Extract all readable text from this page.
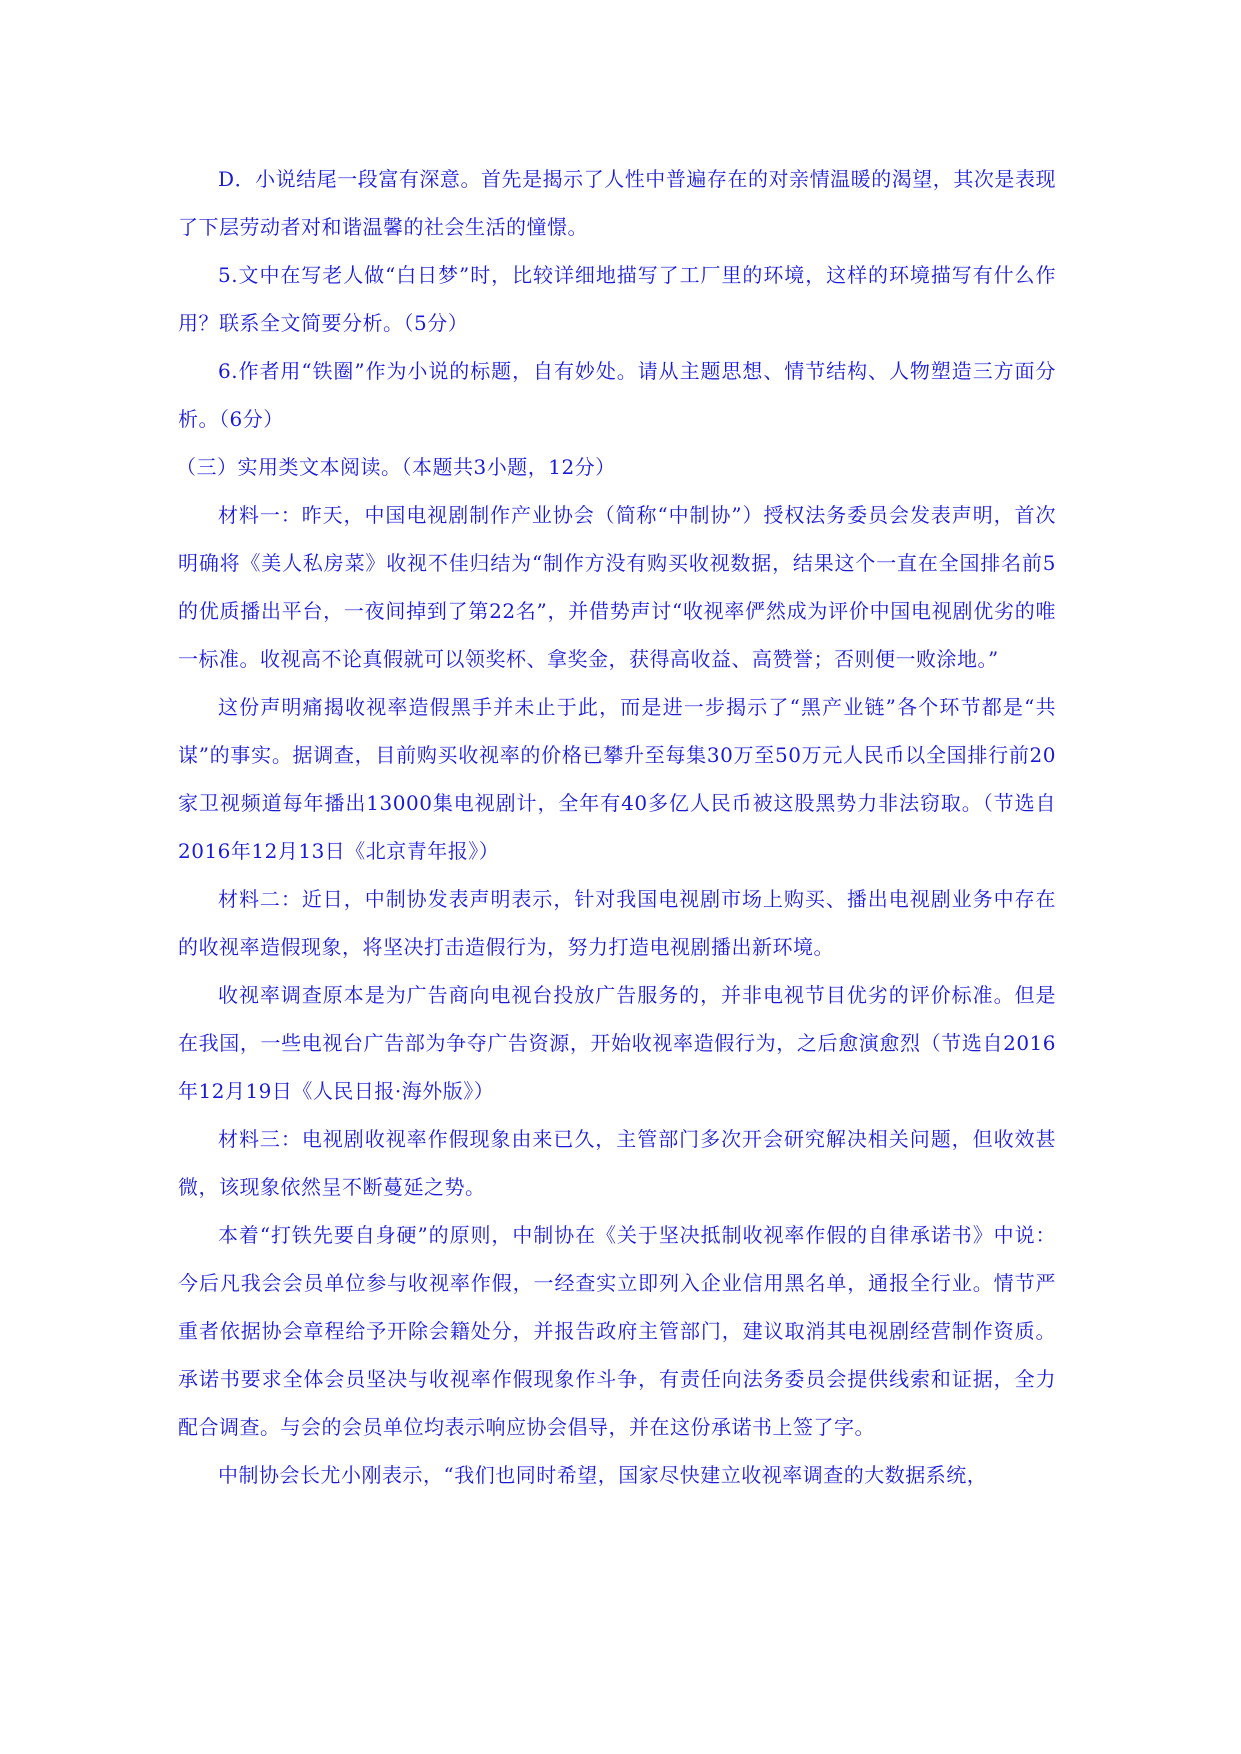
D．小说结尾一段富有深意。首先是揭示了人性中普遍存在的对亲情温暖的渴望，其次是表现了下层劳动者对和谐温馨的社会生活的憧憬。

5.文中在写老人做“白日梦”时，比较详细地描写了工厂里的环境，这样的环境描写有什么作用？联系全文简要分析。（5分）

6.作者用“铁圈”作为小说的标题，自有妙处。请从主题思想、情节结构、人物塑造三方面分析。（6分）

（三）实用类文本阅读。（本题共3小题，12分）

材料一：昨天，中国电视剧制作产业协会（简称“中制协”）授权法务委员会发表声明，首次明确将《美人私房菜》收视不佳归结为“制作方没有购买收视数据，结果这个一直在全国排名前5的优质播出平台，一夜间掉到了第22名”，并借势声讨“收视率俨然成为评价中国电视剧优劣的唯一标准。收视高不论真假就可以领奖杯、拿奖金，获得高收益、高赞誉；否则便一败涂地。”

这份声明痛揭收视率造假黑手并未止于此，而是进一步揭示了“黑产业链”各个环节都是“共谋”的事实。据调查，目前购买收视率的价格已攀升至每集30万至50万元人民币以全国排行前20家卫视频道每年播出13000集电视剧计，全年有40多亿人民币被这股黑势力非法窃取。（节选自2016年12月13日《北京青年报》）

材料二：近日，中制协发表声明表示，针对我国电视剧市场上购买、播出电视剧业务中存在的收视率造假现象，将坚决打击造假行为，努力打造电视剧播出新环境。

收视率调查原本是为广告商向电视台投放广告服务的，并非电视节目优劣的评价标准。但是在我国，一些电视台广告部为争夺广告资源，开始收视率造假行为，之后愈演愈烈（节选自2016年12月19日《人民日报·海外版》）

材料三：电视剧收视率作假现象由来已久，主管部门多次开会研究解决相关问题，但收效甚微，该现象依然呈不断蔓延之势。

本着“打铁先要自身硬”的原则，中制协在《关于坚决抵制收视率作假的自律承诺书》中说：今后凡我会会员单位参与收视率作假，一经查实立即列入企业信用黑名单，通报全行业。情节严重者依据协会章程给予开除会籍处分，并报告政府主管部门，建议取消其电视剧经营制作资质。承诺书要求全体会员坚决与收视率作假现象作斗争，有责任向法务委员会提供线索和证据，全力配合调查。与会的会员单位均表示响应协会倡导，并在这份承诺书上签了字。

中制协会长尤小刚表示，“我们也同时希望，国家尽快建立收视率调查的大数据系统，
